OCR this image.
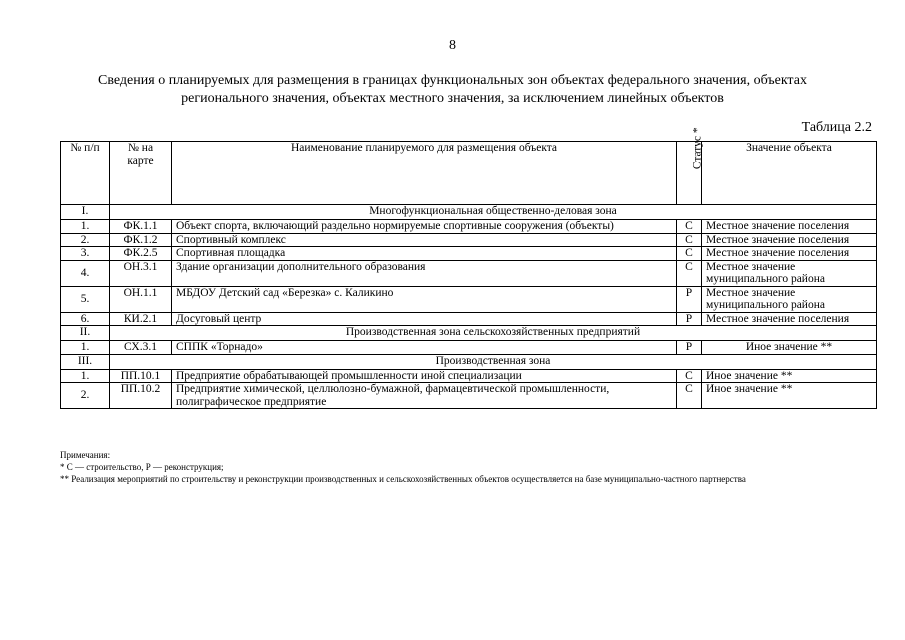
8
Сведения о планируемых для размещения в границах функциональных зон объектах федерального значения, объектах регионального значения, объектах местного значения, за исключением линейных объектов
Таблица 2.2
№ п/п	№ на карте	Наименование планируемого для размещения объекта	Статус *	Значение объекта
I.	Многофункциональная общественно-деловая зона			
1.	ФК.1.1	Объект спорта, включающий раздельно нормируемые спортивные сооружения (объекты)	С	Местное значение поселения
2.	ФК.1.2	Спортивный комплекс	С	Местное значение поселения
3.	ФК.2.5	Спортивная площадка	С	Местное значение поселения
4.	ОН.3.1	Здание организации дополнительного образования	С	Местное значение муниципального района
5.	ОН.1.1	МБДОУ Детский сад «Березка» с. Каликино	Р	Местное значение муниципального района
6.	КИ.2.1	Досуговый центр	Р	Местное значение поселения
II.	Производственная зона сельскохозяйственных предприятий			
1.	СХ.3.1	СППК «Торнадо»	Р	Иное значение **
III.	Производственная зона			
1.	ПП.10.1	Предприятие обрабатывающей промышленности иной специализации	С	Иное значение **
2.	ПП.10.2	Предприятие химической, целлюлозно-бумажной, фармацевтической промышленности, полиграфическое предприятие	С	Иное значение **
Примечания:
* С — строительство, Р — реконструкция;
** Реализация мероприятий по строительству и реконструкции производственных и сельскохозяйственных объектов осуществляется на базе муниципально-частного партнерства
